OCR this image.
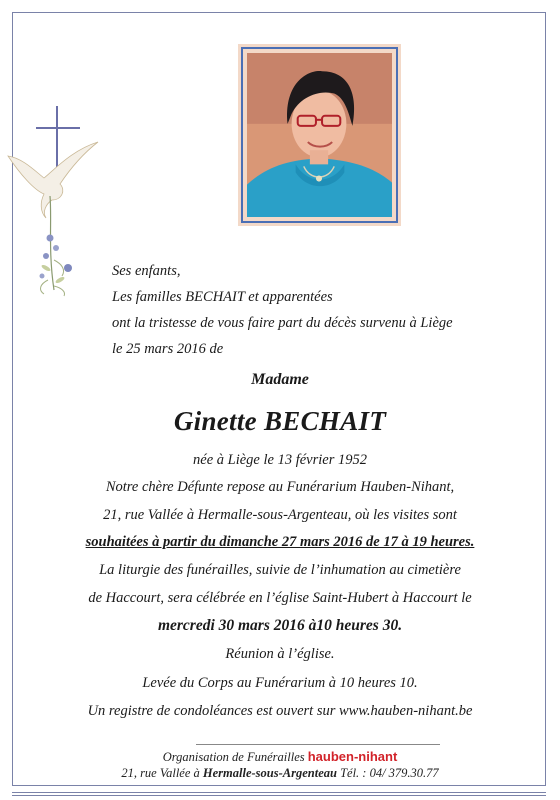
Ses enfants,
Les familles BECHAIT et apparentées
ont la tristesse de vous faire part du décès survenu à Liège
le 25 mars 2016 de
Madame
Ginette BECHAIT
née à Liège le 13 février 1952
Notre chère Défunte repose au Funérarium Hauben-Nihant,
21, rue Vallée à Hermalle-sous-Argenteau, où les visites sont
souhaitées à partir du dimanche 27 mars 2016 de 17 à 19 heures.
La liturgie des funérailles, suivie de l’inhumation au cimetière
de Haccourt, sera célébrée en l’église Saint-Hubert à Haccourt le
mercredi 30 mars 2016 à10 heures 30.
Réunion à l’église.
Levée du Corps au Funérarium à 10 heures 10.
Un registre de condoléances est ouvert sur www.hauben-nihant.be
Organisation de Funérailles hauben-nihant
21, rue Vallée à Hermalle-sous-Argenteau Tél. : 04/ 379.30.77
